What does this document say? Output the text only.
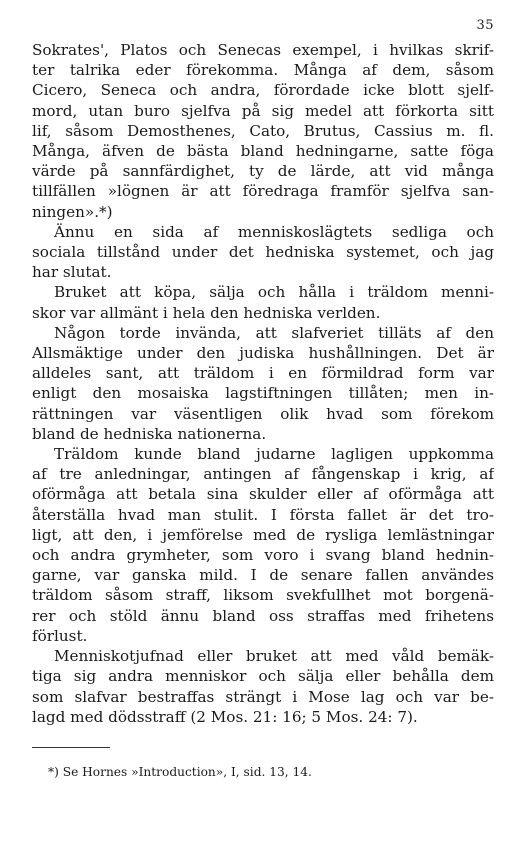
35
Sokrates', Platos och Senecas exempel, i hvilkas skrif-
ter talrika eder förekomma. Många af dem, såsom
Cicero, Seneca och andra, förordade icke blott sjelf-
mord, utan buro sjelfva på sig medel att förkorta sitt
lif, såsom Demosthenes, Cato, Brutus, Cassius m. fl.
Många, äfven de bästa bland hedningarne, satte föga
värde på sannfärdighet, ty de lärde, att vid många
tillfällen »lögnen är att föredraga framför sjelfva san-
ningen».*)
Ännu en sida af menniskoslägtets sedliga och
sociala tillstånd under det hedniska systemet, och jag
har slutat.
Bruket att köpa, sälja och hålla i träldom menni-
skor var allmänt i hela den hedniska verlden.
Någon torde invända, att slafveriet tilläts af den
Allsmäktige under den judiska hushållningen. Det är
alldeles sant, att träldom i en förmildrad form var
enligt den mosaiska lagstiftningen tillåten; men in-
rättningen var väsentligen olik hvad som förekom
bland de hedniska nationerna.
Träldom kunde bland judarne lagligen uppkomma
af tre anledningar, antingen af fångenskap i krig, af
oförmåga att betala sina skulder eller af oförmåga att
återställa hvad man stulit. I första fallet är det tro-
ligt, att den, i jemförelse med de rysliga lemlästningar
och andra grymheter, som voro i svang bland hednin-
garne, var ganska mild. I de senare fallen användes
träldom såsom straff, liksom svekfullhet mot borgenä-
rer och stöld ännu bland oss straffas med frihetens
förlust.
Menniskotjufnad eller bruket att med våld bemäk-
tiga sig andra menniskor och sälja eller behålla dem
som slafvar bestraffas strängt i Mose lag och var be-
lagd med dödsstraff (2 Mos. 21: 16; 5 Mos. 24: 7).
*) Se Hornes »Introduction», I, sid. 13, 14.
